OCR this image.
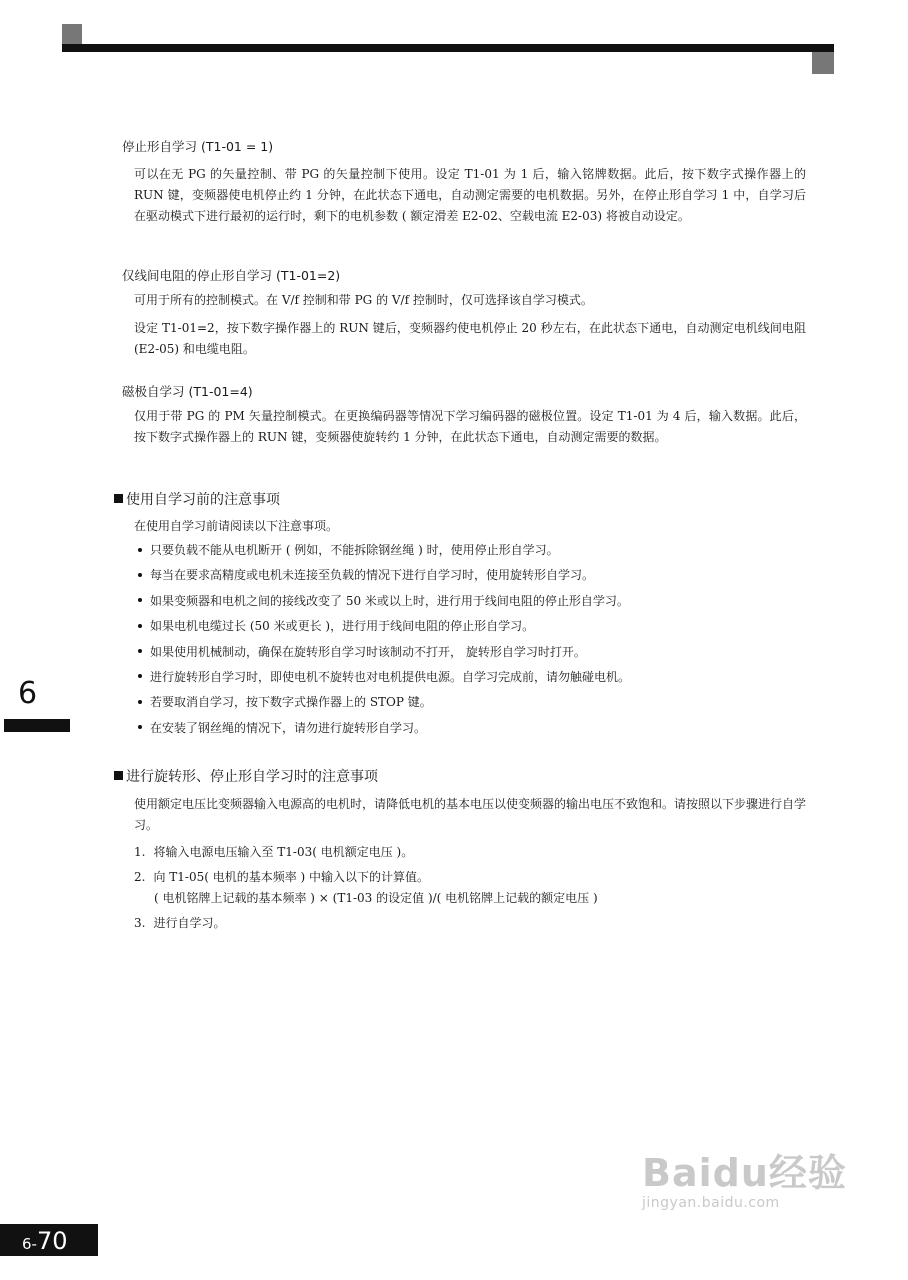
停止形自学习 (T1-01 = 1)
可以在无 PG 的矢量控制、带 PG 的矢量控制下使用。设定 T1-01 为 1 后，输入铭牌数据。此后，按下数字式操作器上的 RUN 键，变频器使电机停止约 1 分钟，在此状态下通电，自动测定需要的电机数据。另外，在停止形自学习 1 中，自学习后在驱动模式下进行最初的运行时，剩下的电机参数 ( 额定滑差 E2-02、空载电流 E2-03) 将被自动设定。
仅线间电阻的停止形自学习 (T1-01=2)
可用于所有的控制模式。在 V/f 控制和带 PG 的 V/f 控制时，仅可选择该自学习模式。
设定 T1-01=2，按下数字操作器上的 RUN 键后，变频器约使电机停止 20 秒左右，在此状态下通电，自动测定电机线间电阻 (E2-05) 和电缆电阻。
磁极自学习 (T1-01=4)
仅用于带 PG 的 PM 矢量控制模式。在更换编码器等情况下学习编码器的磁极位置。设定 T1-01 为 4 后，输入数据。此后，按下数字式操作器上的 RUN 键，变频器使旋转约 1 分钟，在此状态下通电，自动测定需要的数据。
使用自学习前的注意事项
在使用自学习前请阅读以下注意事项。
只要负载不能从电机断开 ( 例如，不能拆除钢丝绳 ) 时，使用停止形自学习。
每当在要求高精度或电机未连接至负载的情况下进行自学习时，使用旋转形自学习。
如果变频器和电机之间的接线改变了 50 米或以上时，进行用于线间电阻的停止形自学习。
如果电机电缆过长 (50 米或更长 )，进行用于线间电阻的停止形自学习。
如果使用机械制动，确保在旋转形自学习时该制动不打开， 旋转形自学习时打开。
进行旋转形自学习时，即使电机不旋转也对电机提供电源。自学习完成前，请勿触碰电机。
若要取消自学习，按下数字式操作器上的 STOP 键。
在安装了钢丝绳的情况下，请勿进行旋转形自学习。
进行旋转形、停止形自学习时的注意事项
使用额定电压比变频器输入电源高的电机时，请降低电机的基本电压以使变频器的输出电压不致饱和。请按照以下步骤进行自学习。
1. 将输入电源电压输入至 T1-03( 电机额定电压 )。
2. 向 T1-05( 电机的基本频率 ) 中输入以下的计算值。
( 电机铭牌上记载的基本频率 ) × (T1-03 的设定值 )/( 电机铭牌上记载的额定电压 )
3. 进行自学习。
6
6-70
Baidu经验
jingyan.baidu.com
